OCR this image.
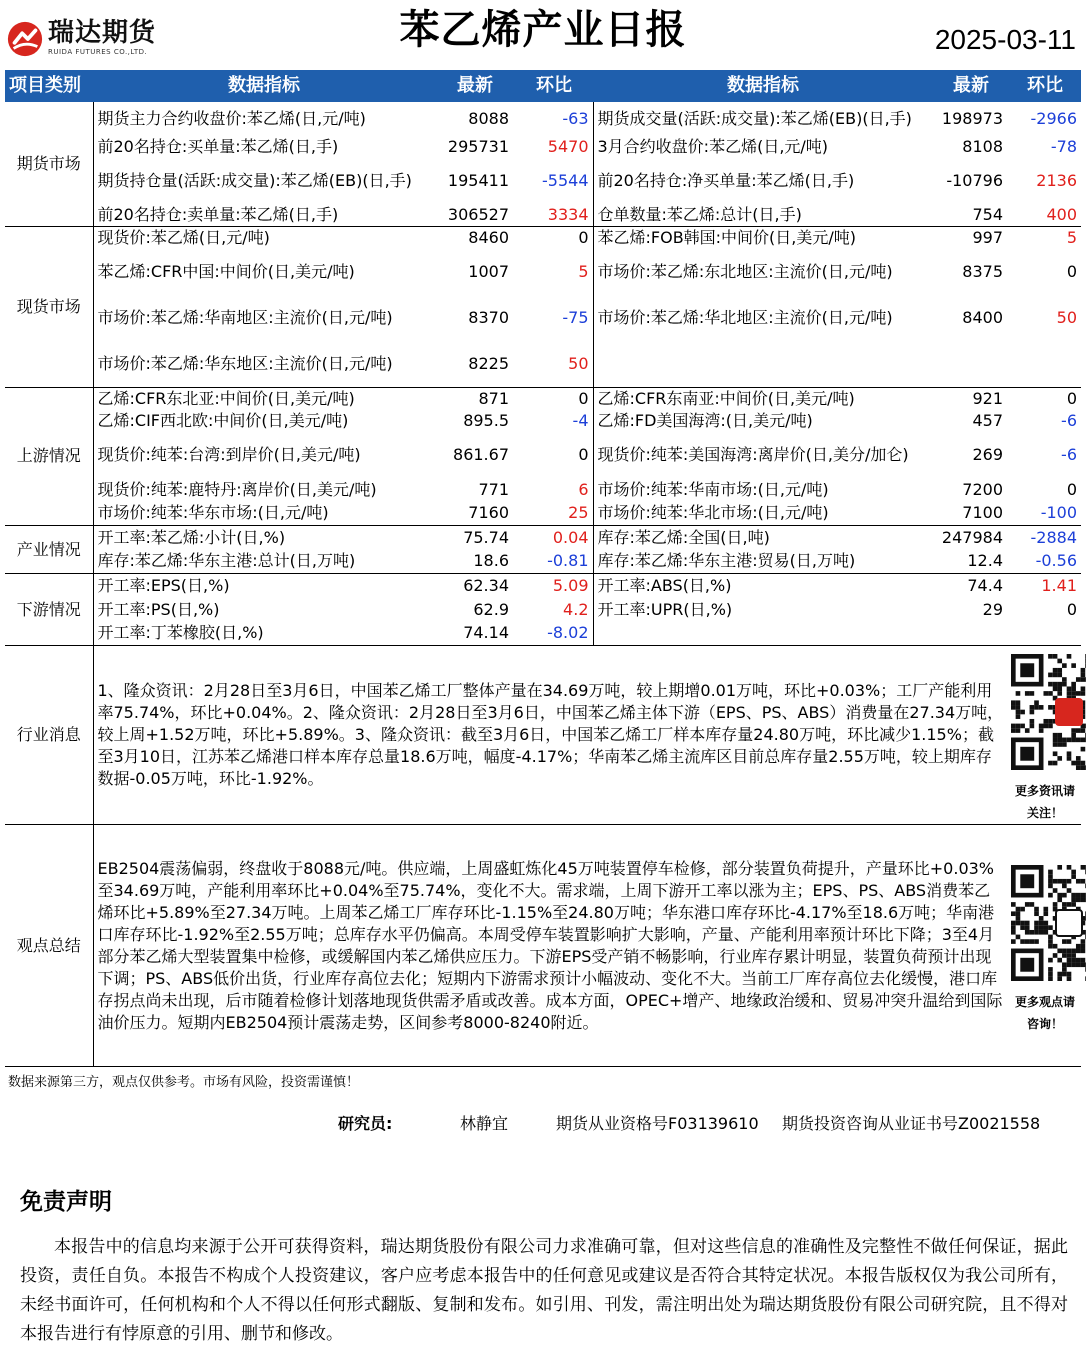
瑞达期货
RUIDA FUTURES CO.,LTD.	苯乙烯产业日报	2025-03-11
项目类别	数据指标	最新	环比	数据指标	最新	环比
期货市场	期货主力合约收盘价:苯乙烯(日,元/吨)	8088	-63	期货成交量(活跃:成交量):苯乙烯(EB)(日,手)	198973	-2966
	前20名持仓:买单量:苯乙烯(日,手)	295731	5470	3月合约收盘价:苯乙烯(日,元/吨)	8108	-78
	期货持仓量(活跃:成交量):苯乙烯(EB)(日,手)	195411	-5544	前20名持仓:净买单量:苯乙烯(日,手)	-10796	2136
	前20名持仓:卖单量:苯乙烯(日,手)	306527	3334	仓单数量:苯乙烯:总计(日,手)	754	400
现货市场	现货价:苯乙烯(日,元/吨)	8460	0	苯乙烯:FOB韩国:中间价(日,美元/吨)	997	5
	苯乙烯:CFR中国:中间价(日,美元/吨)	1007	5	市场价:苯乙烯:东北地区:主流价(日,元/吨)	8375	0
	市场价:苯乙烯:华南地区:主流价(日,元/吨)	8370	-75	市场价:苯乙烯:华北地区:主流价(日,元/吨)	8400	50
	市场价:苯乙烯:华东地区:主流价(日,元/吨)	8225	50			
上游情况	乙烯:CFR东北亚:中间价(日,美元/吨)	871	0	乙烯:CFR东南亚:中间价(日,美元/吨)	921	0
	乙烯:CIF西北欧:中间价(日,美元/吨)	895.5	-4	乙烯:FD美国海湾:(日,美元/吨)	457	-6
	现货价:纯苯:台湾:到岸价(日,美元/吨)	861.67	0	现货价:纯苯:美国海湾:离岸价(日,美分/加仑)	269	-6
	现货价:纯苯:鹿特丹:离岸价(日,美元/吨)	771	6	市场价:纯苯:华南市场:(日,元/吨)	7200	0
	市场价:纯苯:华东市场:(日,元/吨)	7160	25	市场价:纯苯:华北市场:(日,元/吨)	7100	-100
产业情况	开工率:苯乙烯:小计(日,%)	75.74	0.04	库存:苯乙烯:全国(日,吨)	247984	-2884
	库存:苯乙烯:华东主港:总计(日,万吨)	18.6	-0.81	库存:苯乙烯:华东主港:贸易(日,万吨)	12.4	-0.56
下游情况	开工率:EPS(日,%)	62.34	5.09	开工率:ABS(日,%)	74.4	1.41
	开工率:PS(日,%)	62.9	4.2	开工率:UPR(日,%)	29	0
	开工率:丁苯橡胶(日,%)	74.14	-8.02			
行业消息	1、隆众资讯：2月28日至3月6日，中国苯乙烯工厂整体产量在34.69万吨，较上期增0.01万吨，环比+0.03%；工厂产能利用率75.74%，环比+0.04%。2、隆众资讯：2月28日至3月6日，中国苯乙烯主体下游（EPS、PS、ABS）消费量在27.34万吨，较上周+1.52万吨，环比+5.89%。3、隆众资讯：截至3月6日，中国苯乙烯工厂样本库存量24.80万吨，环比减少1.15%；截至3月10日，江苏苯乙烯港口样本库存总量18.6万吨，幅度-4.17%；华南苯乙烯主流库区目前总库存量2.55万吨，较上期库存数据-0.05万吨，环比-1.92%。					更多资讯请关注！

观点总结	EB2504震荡偏弱，终盘收于8088元/吨。供应端，上周盛虹炼化45万吨装置停车检修，部分装置负荷提升，产量环比+0.03%至34.69万吨，产能利用率环比+0.04%至75.74%，变化不大。需求端，上周下游开工率以涨为主；EPS、PS、ABS消费苯乙烯环比+5.89%至27.34万吨。上周苯乙烯工厂库存环比-1.15%至24.80万吨；华东港口库存环比-4.17%至18.6万吨；华南港口库存环比-1.92%至2.55万吨；总库存水平仍偏高。本周受停车装置影响扩大影响，产量、产能利用率预计环比下降；3至4月部分苯乙烯大型装置集中检修，或缓解国内苯乙烯供应压力。下游EPS受产销不畅影响，行业库存累计明显，装置负荷预计出现下调；PS、ABS低价出货，行业库存高位去化；短期内下游需求预计小幅波动、变化不大。当前工厂库存高位去化缓慢，港口库存拐点尚未出现，后市随着检修计划落地现货供需矛盾或改善。成本方面，OPEC+增产、地缘政治缓和、贸易冲突升温给到国际油价压力。短期内EB2504预计震荡走势，区间参考8000-8240附近。					更多观点请咨询！
数据来源第三方，观点仅供参考。市场有风险，投资需谨慎！
研究员:	林静宜	期货从业资格号F03139610 期货投资咨询从业证书号Z0021558
免责声明
本报告中的信息均来源于公开可获得资料，瑞达期货股份有限公司力求准确可靠，但对这些信息的准确性及完整性不做任何保证，据此投资，责任自负。本报告不构成个人投资建议，客户应考虑本报告中的任何意见或建议是否符合其特定状况。本报告版权仅为我公司所有，未经书面许可，任何机构和个人不得以任何形式翻版、复制和发布。如引用、刊发，需注明出处为瑞达期货股份有限公司研究院，且不得对本报告进行有悖原意的引用、删节和修改。
